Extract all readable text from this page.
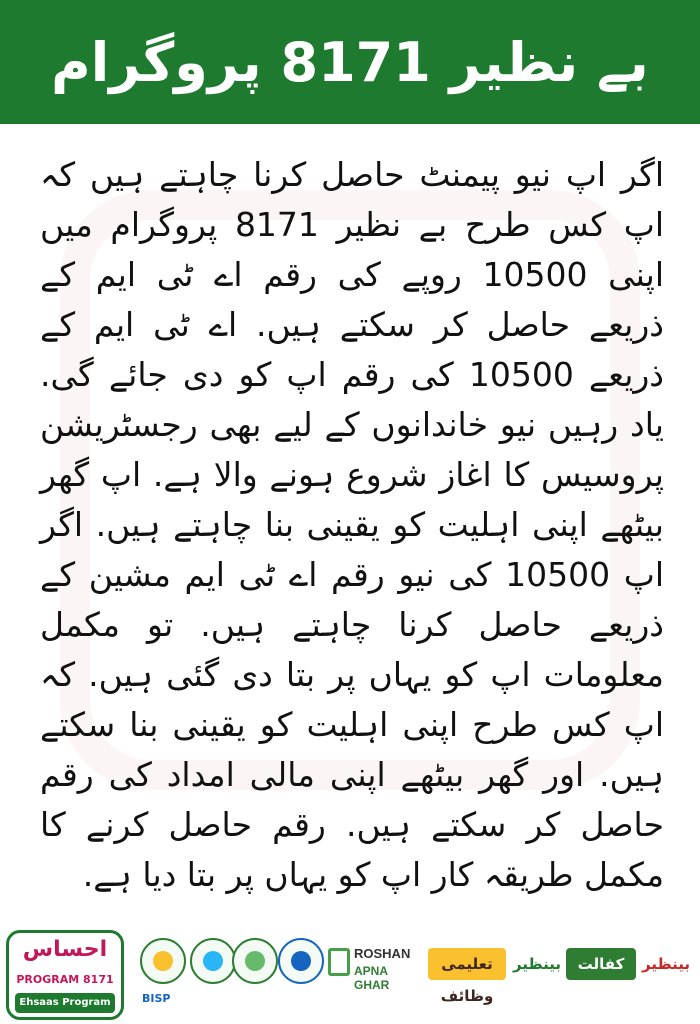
بے نظیر 8171 پروگرام

اگر اپ نیو پیمنٹ حاصل کرنا چاہتے ہیں کہ اپ کس طرح بے نظیر 8171 پروگرام میں اپنی 10500 روپے کی رقم اے ٹی ایم کے ذریعے حاصل کر سکتے ہیں. اے ٹی ایم کے ذریعے 10500 کی رقم اپ کو دی جائے گی. یاد رہیں نیو خاندانوں کے لیے بھی رجسٹریشن پروسیس کا اغاز شروع ہونے والا ہے. اپ گھر بیٹھے اپنی اہلیت کو یقینی بنا چاہتے ہیں. اگر اپ 10500 کی نیو رقم اے ٹی ایم مشین کے ذریعے حاصل کرنا چاہتے ہیں. تو مکمل معلومات اپ کو یہاں پر بتا دی گئی ہیں. کہ اپ کس طرح اپنی اہلیت کو یقینی بنا سکتے ہیں. اور گھر بیٹھے اپنی مالی امداد کی رقم حاصل کر سکتے ہیں. رقم حاصل کرنے کا مکمل طریقہ کار اپ کو یہاں پر بتا دیا ہے.

احساس
PROGRAM 8171
Ehsaas Program	BISP
ROSHAN
APNA GHAR
تعلیمی وظائف
بینظیر	کفالت	بینظیر
